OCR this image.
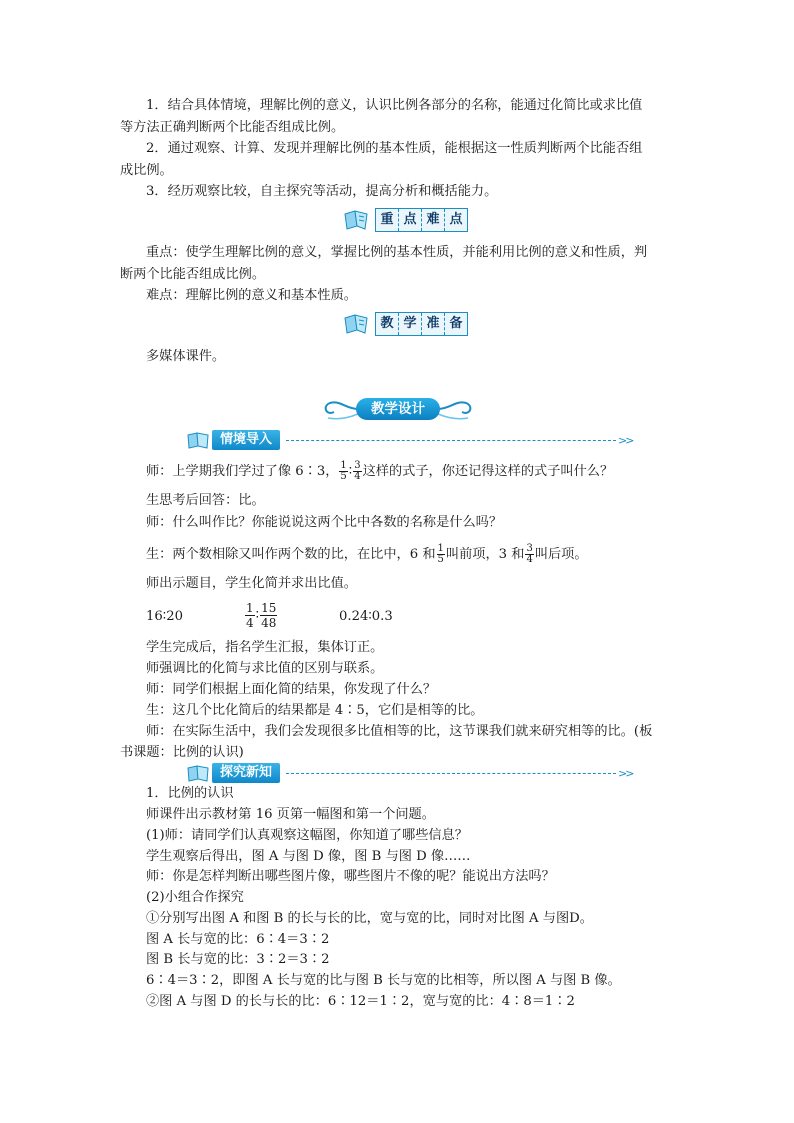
1．结合具体情境，理解比例的意义，认识比例各部分的名称，能通过化简比或求比值
等方法正确判断两个比能否组成比例。
2．通过观察、计算、发现并理解比例的基本性质，能根据这一性质判断两个比能否组
成比例。
3．经历观察比较，自主探究等活动，提高分析和概括能力。
重 点 难 点
重点：使学生理解比例的意义，掌握比例的基本性质，并能利用比例的意义和性质，判
断两个比能否组成比例。
难点：理解比例的意义和基本性质。
教 学 准 备
多媒体课件。
教学设计
情境导入	>>
师：上学期我们学过了像 6∶3， $\frac{1}{5}$ ∶ $\frac{3}{4}$ 这样的式子，你还记得这样的式子叫什么？
生思考后回答：比。
师：什么叫作比？你能说说这两个比中各数的名称是什么吗？
生：两个数相除又叫作两个数的比，在比中，6 和 $\frac{1}{5}$ 叫前项，3 和 $\frac{3}{4}$ 叫后项。
师出示题目，学生化简并求出比值。
16∶20	$\frac{1}{4}$ ∶ $\frac{15}{48}$	0.24∶0.3
学生完成后，指名学生汇报，集体订正。
师强调比的化简与求比值的区别与联系。
师：同学们根据上面化简的结果，你发现了什么？
生：这几个比化简后的结果都是 4∶5，它们是相等的比。
师：在实际生活中，我们会发现很多比值相等的比，这节课我们就来研究相等的比。(板
书课题：比例的认识)
探究新知	>>
1．比例的认识
师课件出示教材第 16 页第一幅图和第一个问题。
(1)师：请同学们认真观察这幅图，你知道了哪些信息？
学生观察后得出，图 A 与图 D 像，图 B 与图 D 像……
师：你是怎样判断出哪些图片像，哪些图片不像的呢？能说出方法吗？
(2)小组合作探究
①分别写出图 A 和图 B 的长与长的比，宽与宽的比，同时对比图 A 与图D。
图 A 长与宽的比：6∶4＝3∶2
图 B 长与宽的比：3∶2＝3∶2
6∶4＝3∶2，即图 A 长与宽的比与图 B 长与宽的比相等，所以图 A 与图 B 像。
②图 A 与图 D 的长与长的比：6∶12＝1∶2，宽与宽的比：4∶8＝1∶2
